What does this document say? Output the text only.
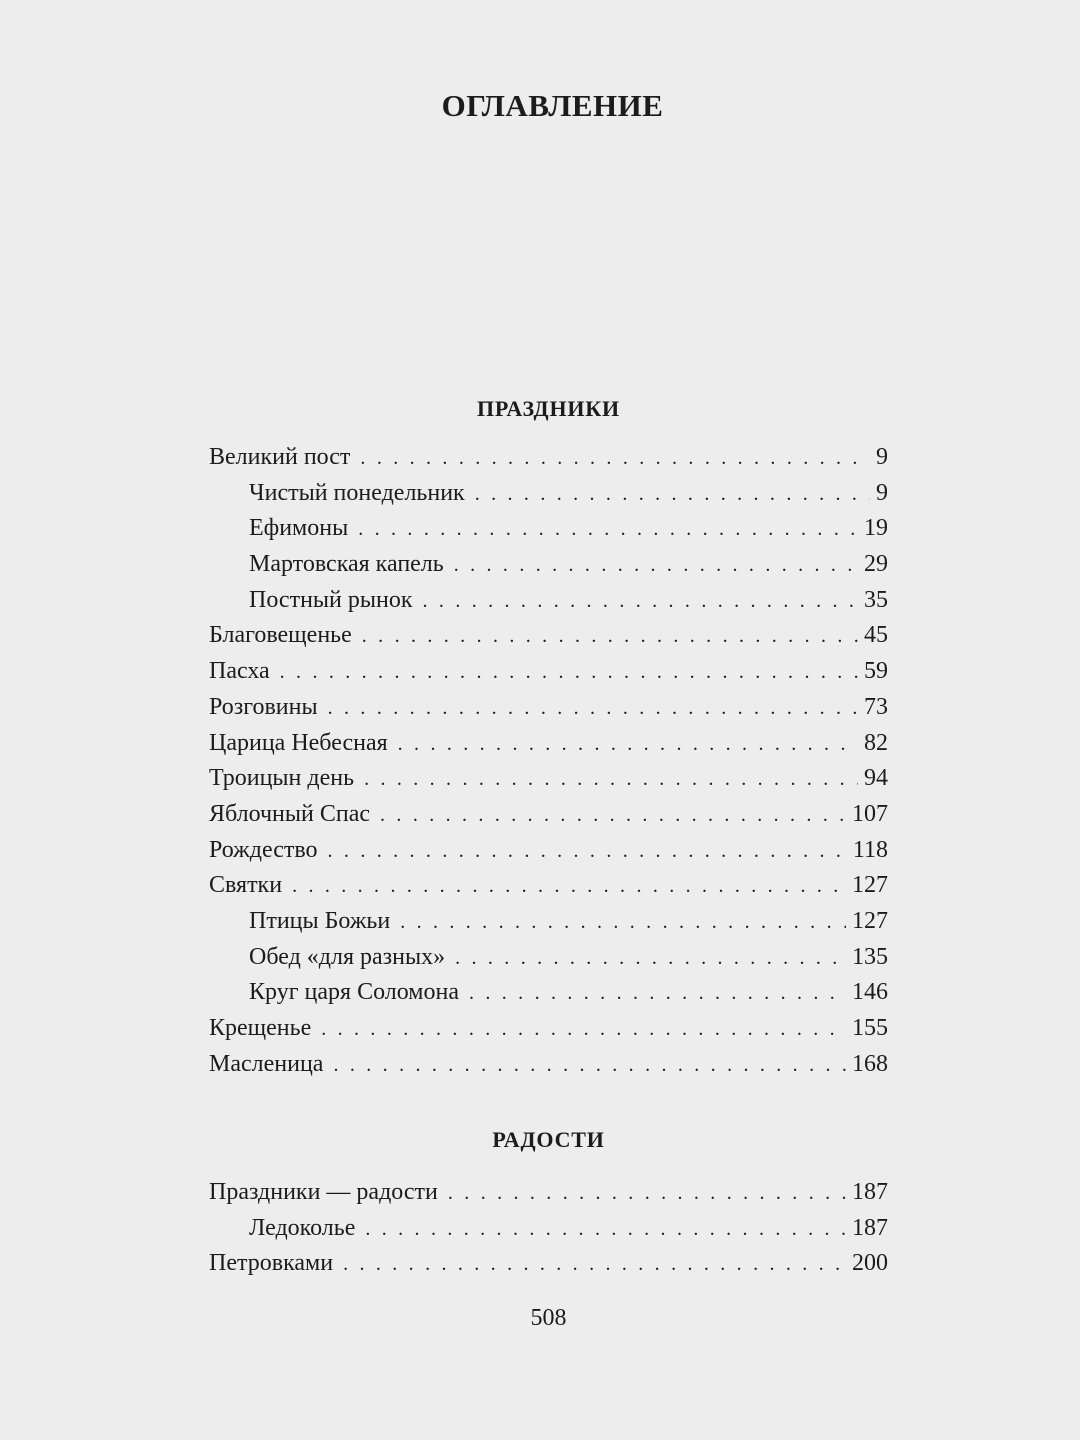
ОГЛАВЛЕНИЕ
ПРАЗДНИКИ
Великий пост . . .	9
Чистый понедельник . . .	9
Ефимоны . . .	19
Мартовская капель . . .	29
Постный рынок . . .	35
Благовещенье . . .	45
Пасха . . .	59
Розговины . . .	73
Царица Небесная . . .	82
Троицын день . . .	94
Яблочный Спас . . .	107
Рождество . . .	118
Святки . . .	127
Птицы Божьи . . .	127
Обед «для разных» . . .	135
Круг царя Соломона . . .	146
Крещенье . . .	155
Масленица . . .	168
РАДОСТИ
Праздники — радости . . .	187
Ледоколье . . .	187
Петровками . . .	200
508
